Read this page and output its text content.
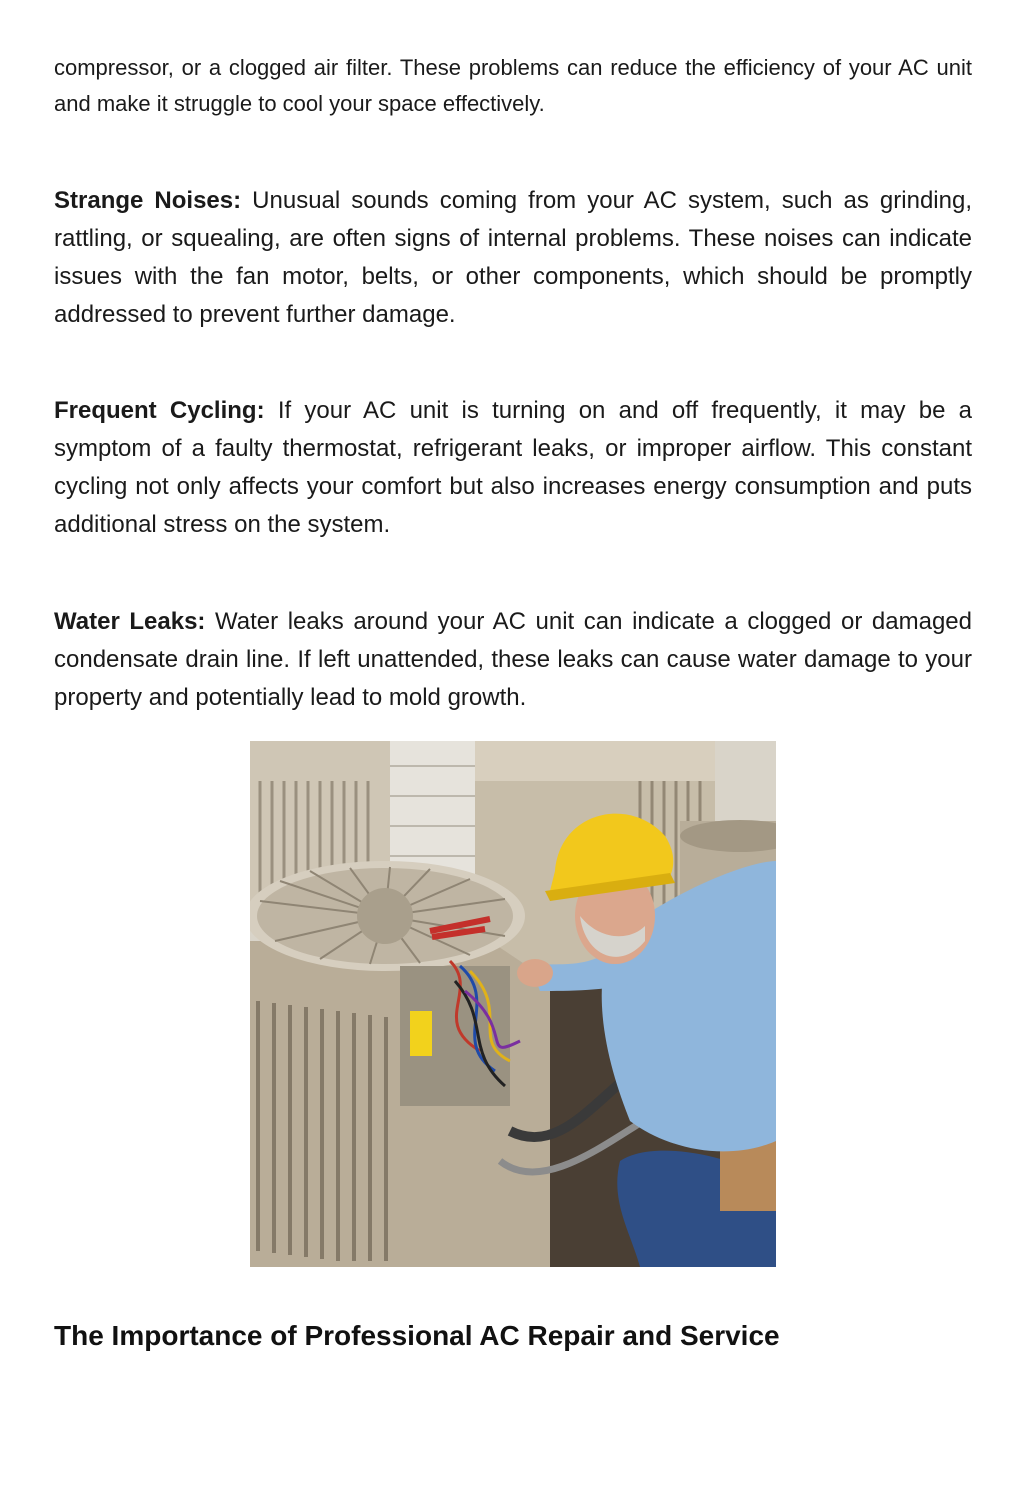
compressor, or a clogged air filter. These problems can reduce the efficiency of your AC unit and make it struggle to cool your space effectively.

Strange Noises: Unusual sounds coming from your AC system, such as grinding, rattling, or squealing, are often signs of internal problems. These noises can indicate issues with the fan motor, belts, or other components, which should be promptly addressed to prevent further damage.

Frequent Cycling: If your AC unit is turning on and off frequently, it may be a symptom of a faulty thermostat, refrigerant leaks, or improper airflow. This constant cycling not only affects your comfort but also increases energy consumption and puts additional stress on the system.

Water Leaks: Water leaks around your AC unit can indicate a clogged or damaged condensate drain line. If left unattended, these leaks can cause water damage to your property and potentially lead to mold growth.

The Importance of Professional AC Repair and Service
